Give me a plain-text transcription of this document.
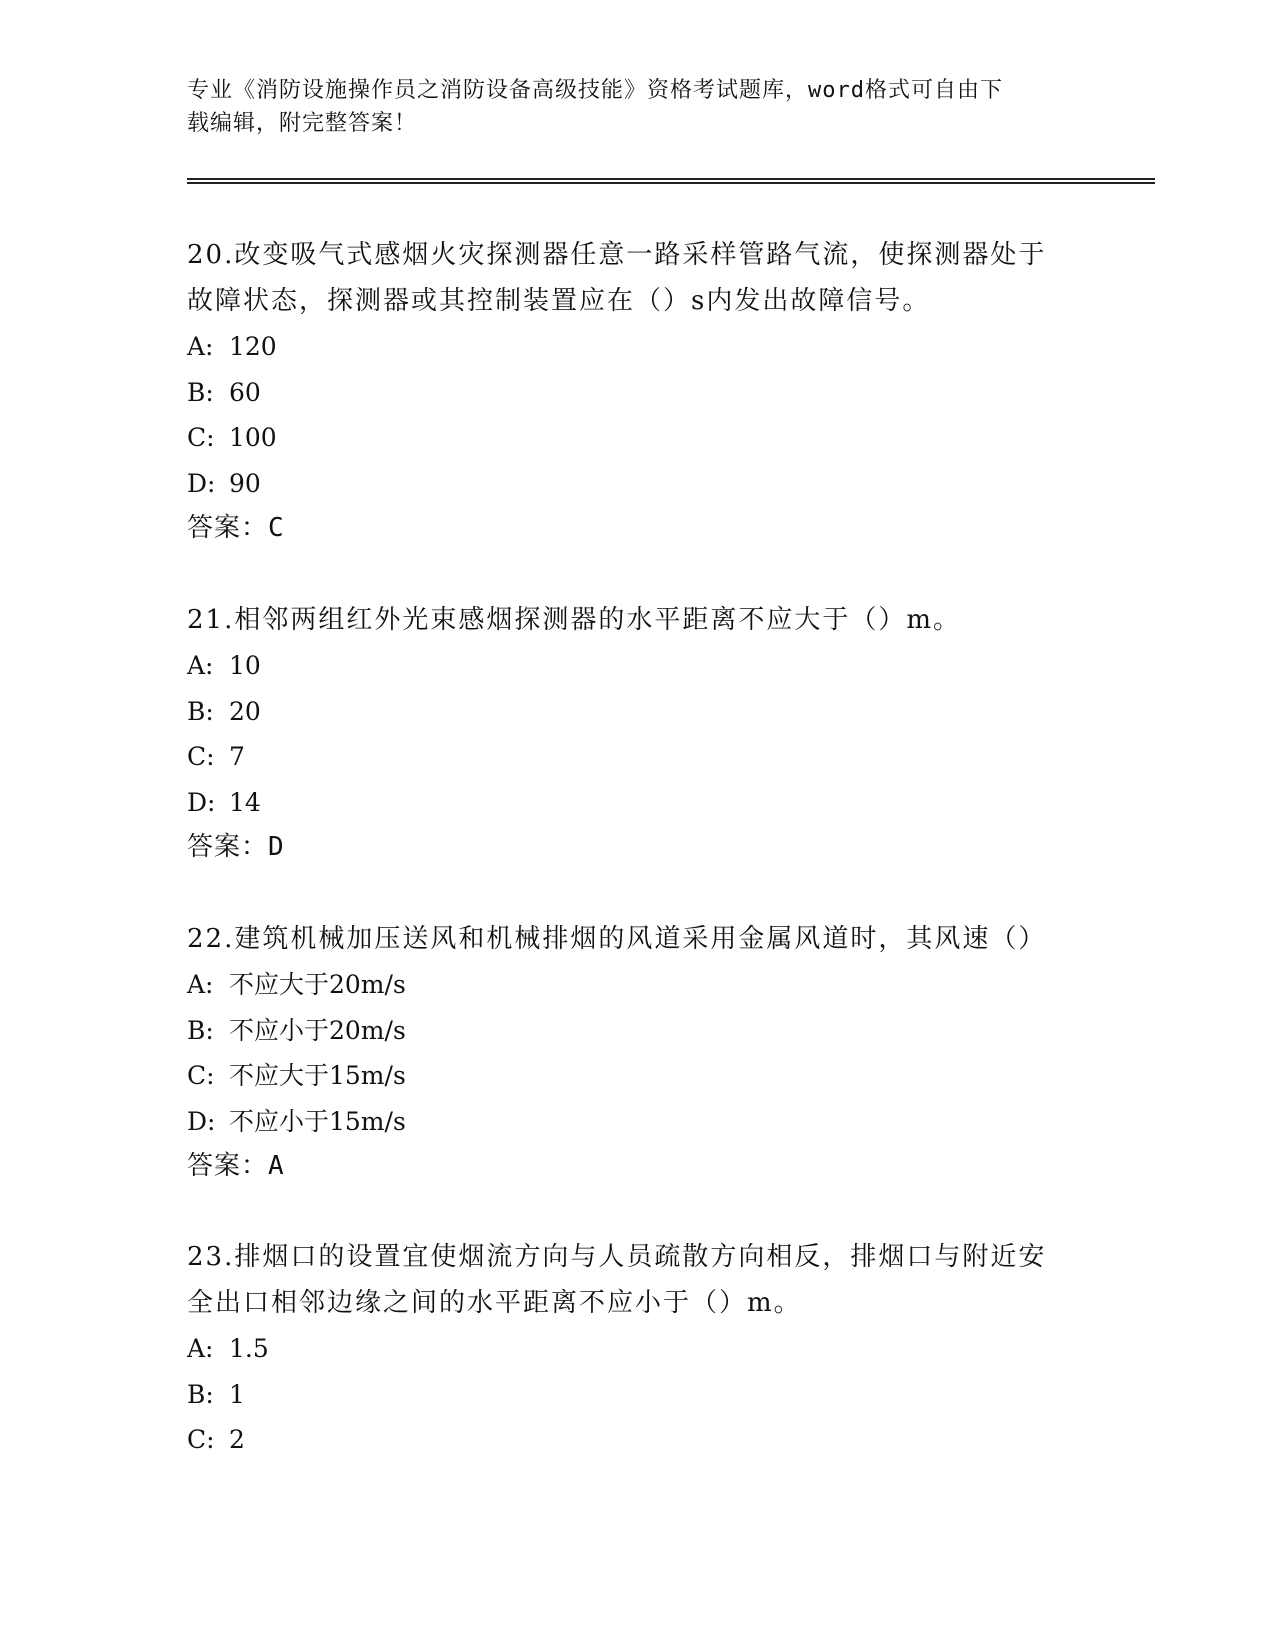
专业《消防设施操作员之消防设备高级技能》资格考试题库，word格式可自由下
载编辑，附完整答案！

20.改变吸气式感烟火灾探测器任意一路采样管路气流，使探测器处于
故障状态，探测器或其控制装置应在（）s内发出故障信号。

A: 120
B: 60
C: 100
D: 90
答案：C

21.相邻两组红外光束感烟探测器的水平距离不应大于（）m。

A: 10
B: 20
C: 7
D: 14
答案：D

22.建筑机械加压送风和机械排烟的风道采用金属风道时，其风速（）

A: 不应大于20m/s
B: 不应小于20m/s
C: 不应大于15m/s
D: 不应小于15m/s
答案：A

23.排烟口的设置宜使烟流方向与人员疏散方向相反，排烟口与附近安
全出口相邻边缘之间的水平距离不应小于（）m。

A: 1.5
B: 1
C: 2
